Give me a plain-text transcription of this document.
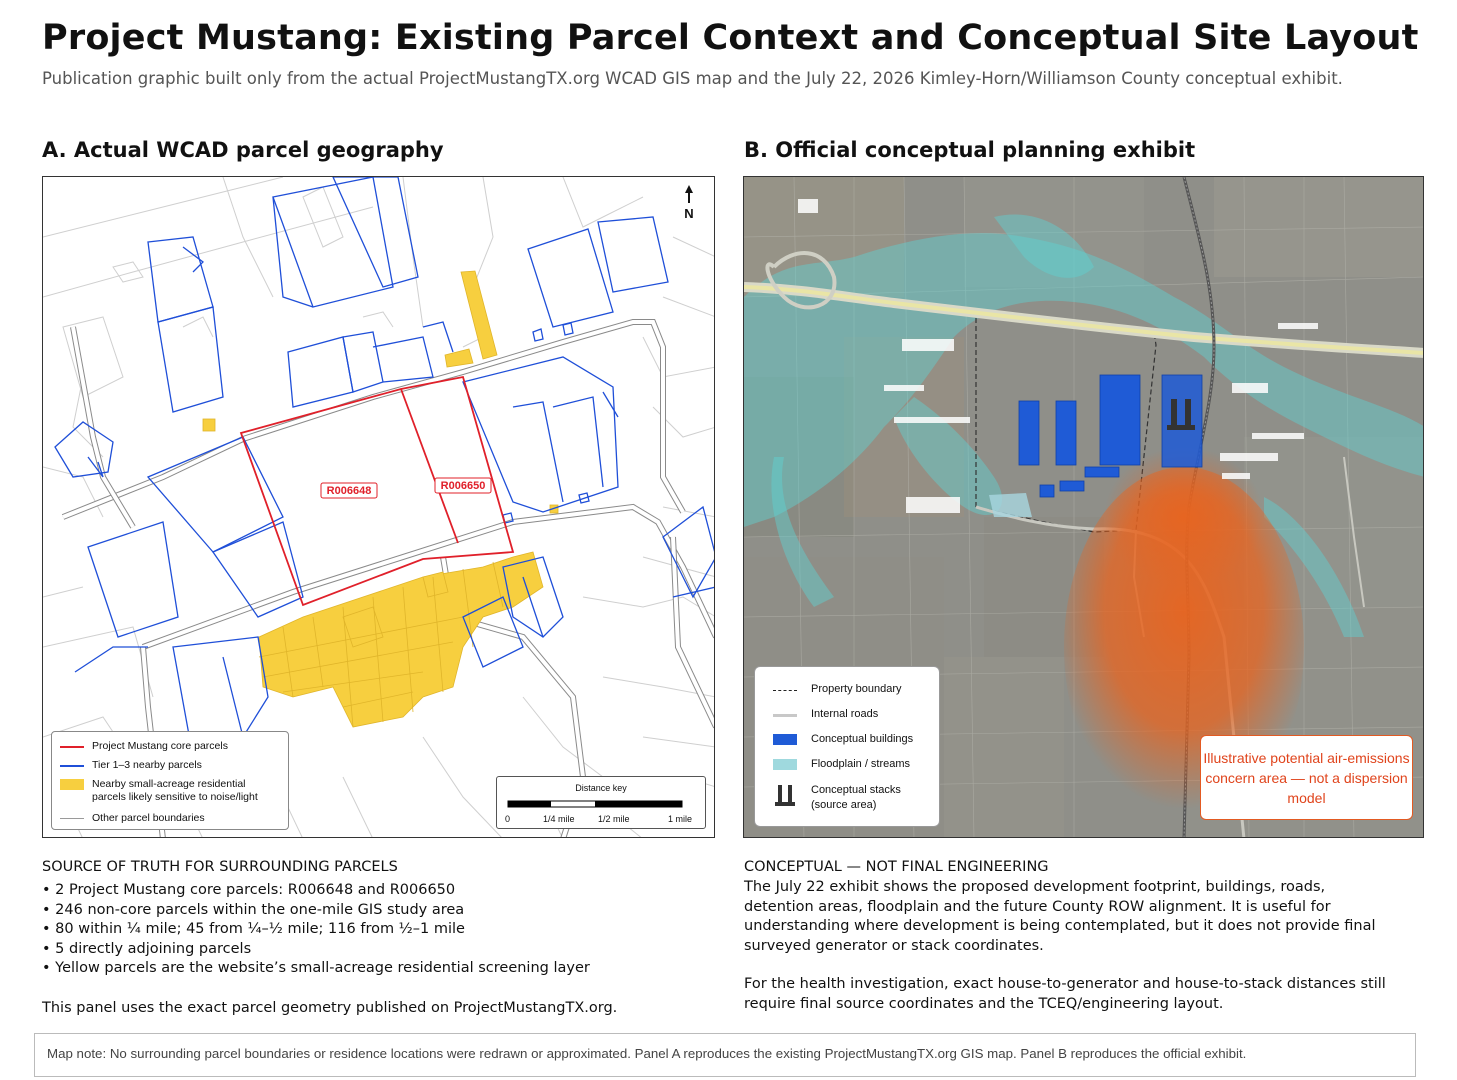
Project Mustang: Existing Parcel Context and Conceptual Site Layout
Publication graphic built only from the actual ProjectMustangTX.org WCAD GIS map and the July 22, 2026 Kimley-Horn/Williamson County conceptual exhibit.
A. Actual WCAD parcel geography	B. Official conceptual planning exhibit
R006648	R006650
N
Project Mustang core parcels
Tier 1–3 nearby parcels
Nearby small-acreage residential parcels likely sensitive to noise/light
Other parcel boundaries
Distance key
0	1/4 mile	1/2 mile	1 mile
Property boundary
Internal roads
Conceptual buildings
Floodplain / streams
Conceptual stacks (source area)
Illustrative potential air-emissions concern area — not a dispersion model
SOURCE OF TRUTH FOR SURROUNDING PARCELS
• 2 Project Mustang core parcels: R006648 and R006650
• 246 non-core parcels within the one-mile GIS study area
• 80 within ¼ mile; 45 from ¼–½ mile; 116 from ½–1 mile
• 5 directly adjoining parcels
• Yellow parcels are the website’s small-acreage residential screening layer
This panel uses the exact parcel geometry published on ProjectMustangTX.org.
CONCEPTUAL — NOT FINAL ENGINEERING
The July 22 exhibit shows the proposed development footprint, buildings, roads, detention areas, floodplain and the future County ROW alignment. It is useful for understanding where development is being contemplated, but it does not provide final surveyed generator or stack coordinates.
For the health investigation, exact house-to-generator and house-to-stack distances still require final source coordinates and the TCEQ/engineering layout.
Map note: No surrounding parcel boundaries or residence locations were redrawn or approximated. Panel A reproduces the existing ProjectMustangTX.org GIS map. Panel B reproduces the official exhibit.
